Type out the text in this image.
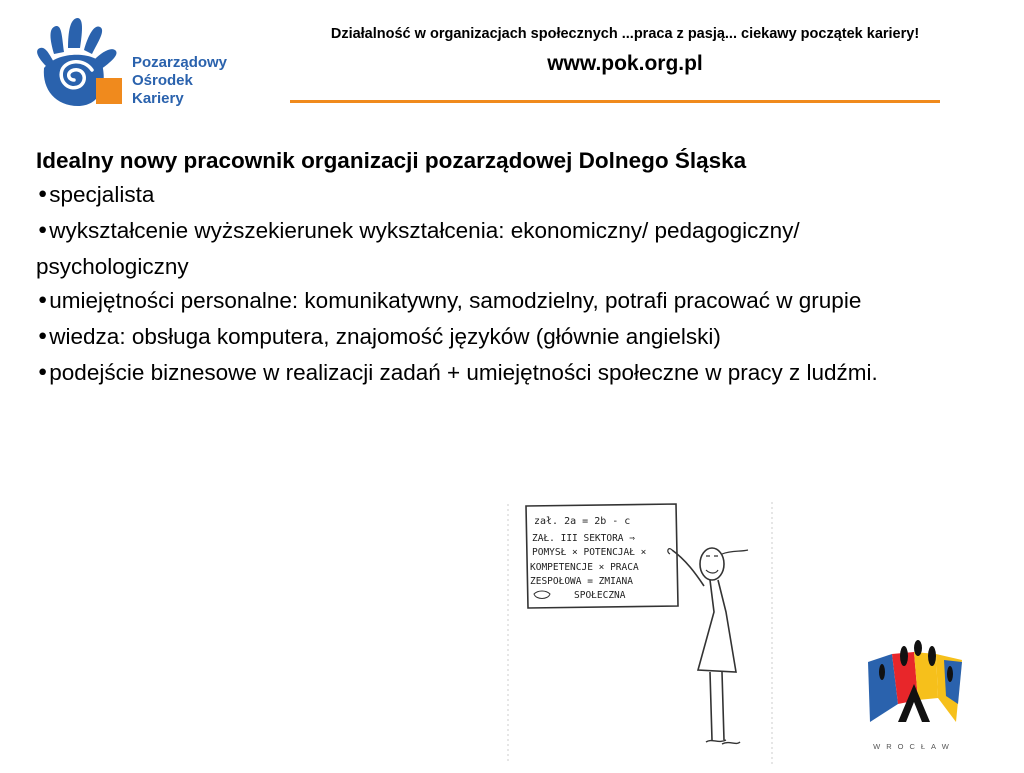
Pozarządowy
Ośrodek
Kariery
Działalność w organizacjach społecznych ...praca z pasją... ciekawy początek kariery!
www.pok.org.pl
Idealny nowy pracownik organizacji pozarządowej Dolnego Śląska
•specjalista
•wykształcenie wyższekierunek wykształcenia: ekonomiczny/ pedagogiczny/ psychologiczny
•umiejętności personalne: komunikatywny, samodzielny, potrafi pracować w grupie
•wiedza: obsługa komputera, znajomość języków (głównie angielski)
•podejście biznesowe w realizacji zadań + umiejętności społeczne w pracy z ludźmi.
zał. 2a = 2b - c
ZAŁ. III SEKTORA ⇒
POMYSŁ × POTENCJAŁ ×
KOMPETENCJE × PRACA
ZESPOŁOWA = ZMIANA
SPOŁECZNA
WROCŁAW
